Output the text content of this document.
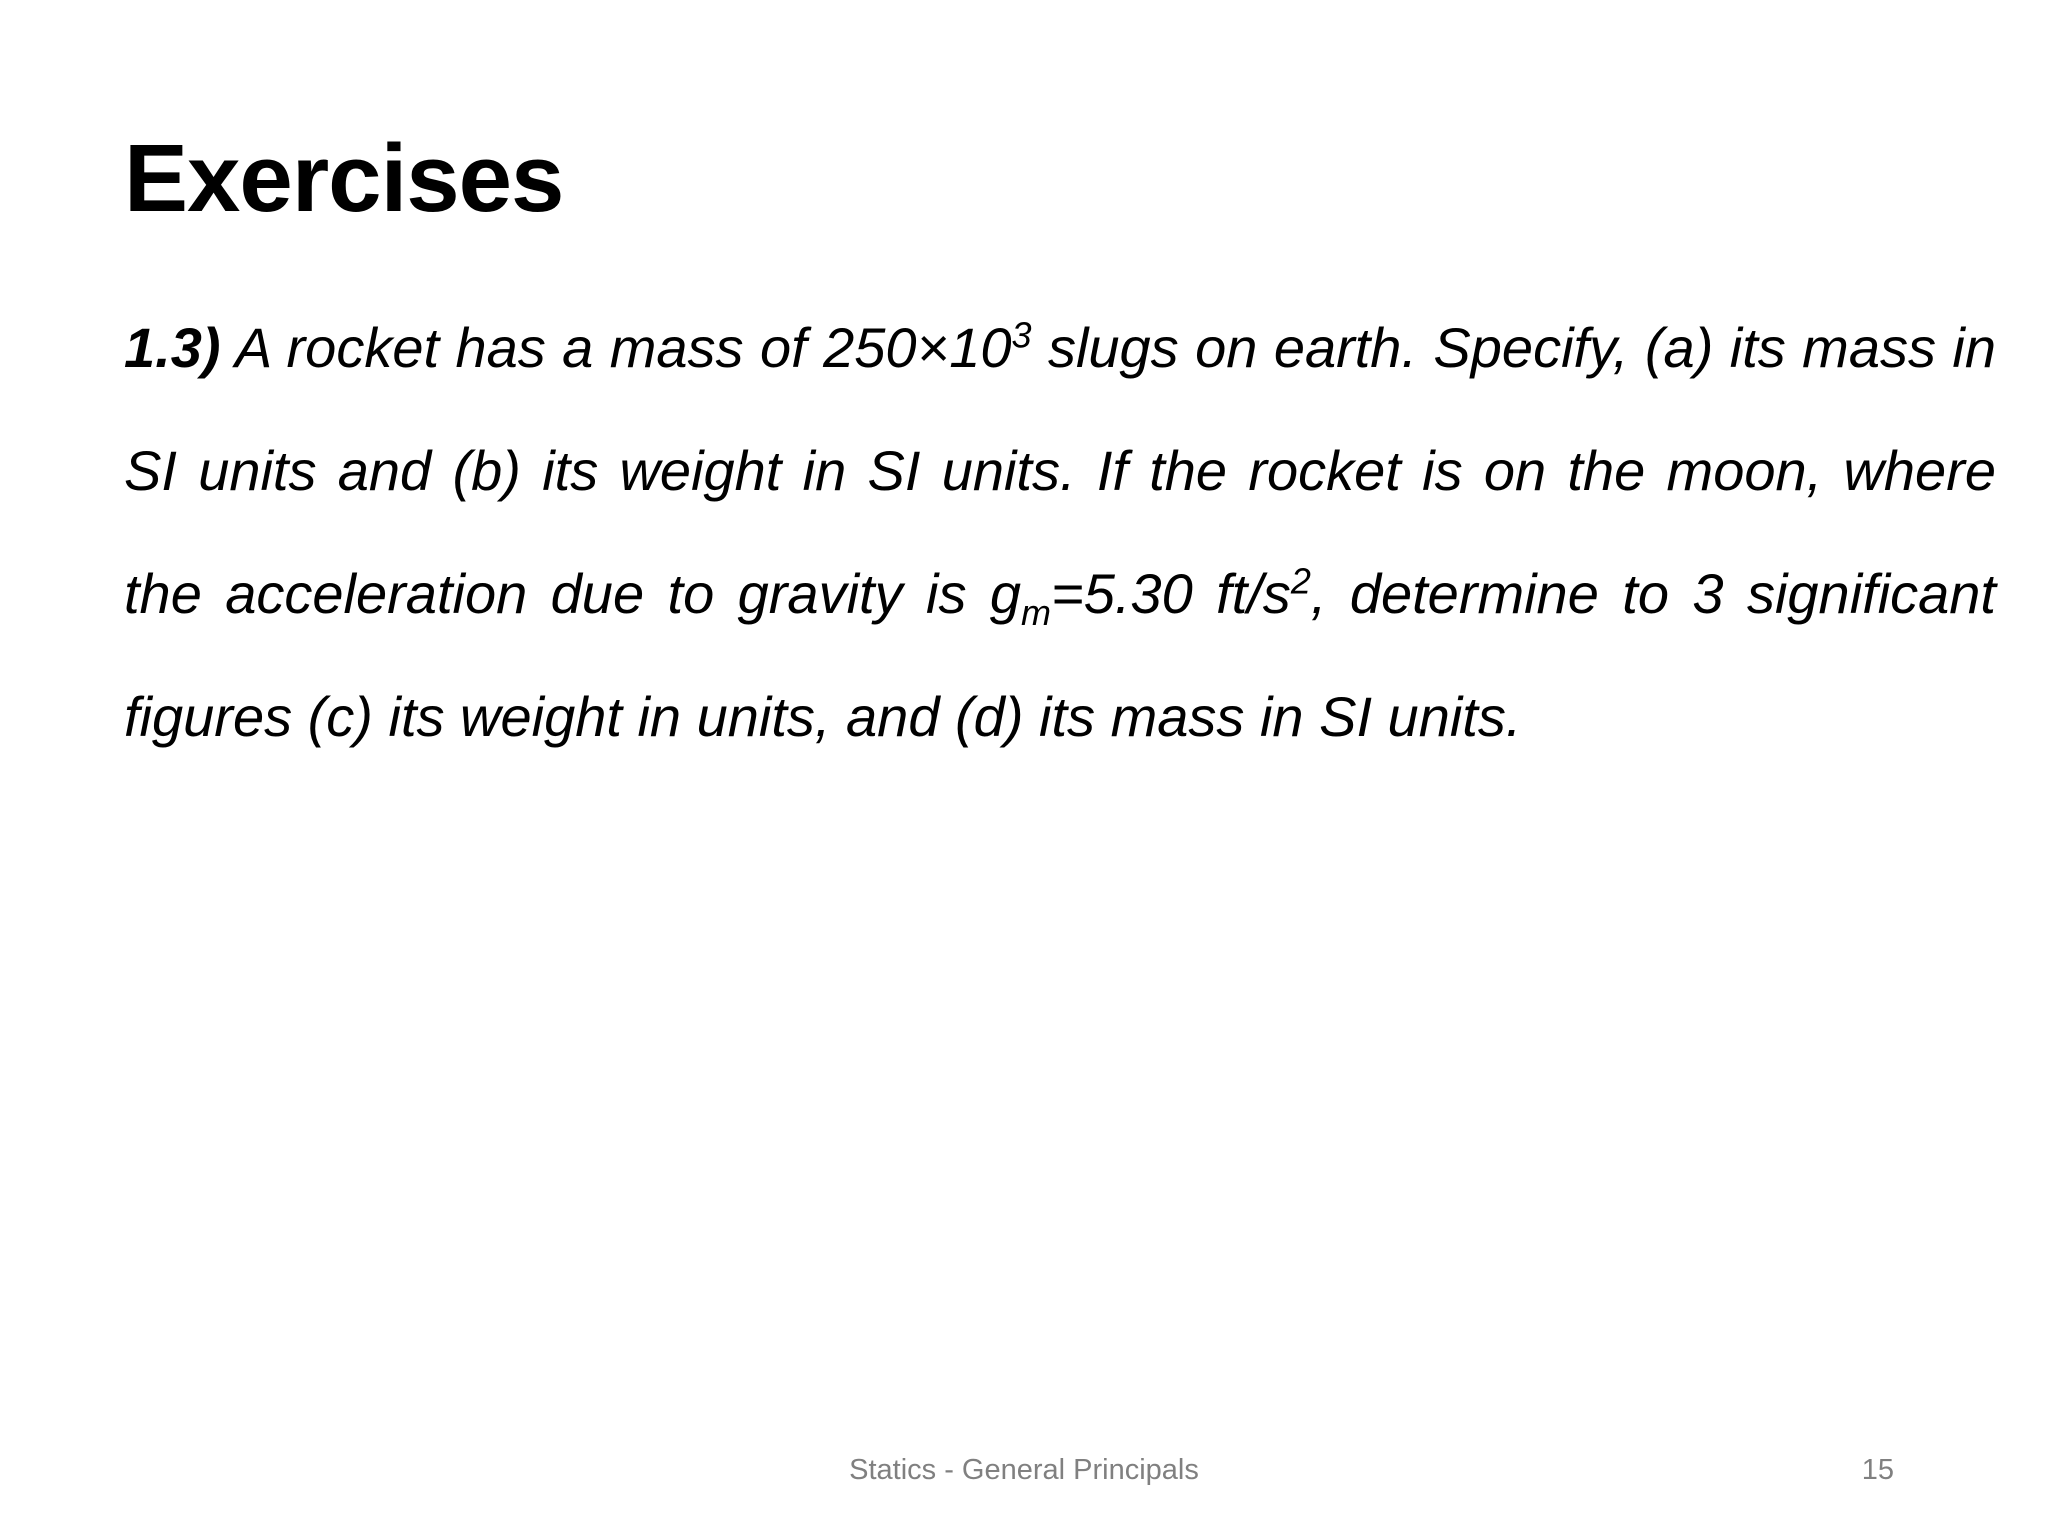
Exercises

1.3) A rocket has a mass of $250\times 10^3$ slugs on earth. Specify, (a) its mass in SI units and (b) its weight in SI units. If the rocket is on the moon, where the acceleration due to gravity is $g_m=5.30$ $ft/s^2$, determine to 3 significant figures (c) its weight in units, and (d) its mass in SI units.

Statics - General Principals	15
